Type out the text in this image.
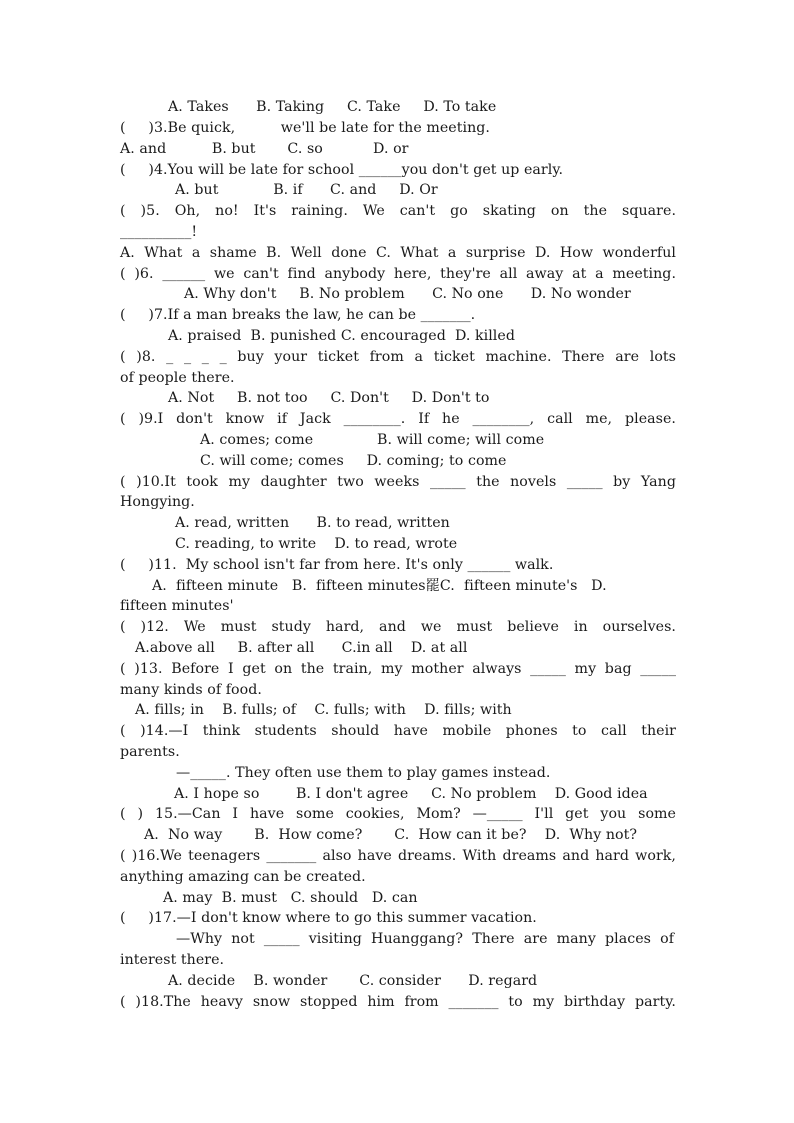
A. Takes      B. Taking     C. Take     D. To take
(     )3.Be quick,          we'll be late for the meeting.
A. and          B. but       C. so           D. or
(     )4.You will be late for school ______you don't get up early.
A. but            B. if      C. and     D. Or
( )5. Oh, no! It's raining. We can't go skating on the square.
__________!
A. What a shame B. Well done C. What a surprise D. How wonderful
( )6. ______ we can't find anybody here, they're all away at a meeting.
A. Why don't     B. No problem      C. No one      D. No wonder
(     )7.If a man breaks the law, he can be _______.
A. praised  B. punished C. encouraged  D. killed
( )8. _ _ _ _ buy your ticket from a ticket machine. There are lots
of people there.
A. Not     B. not too     C. Don't     D. Don't to
( )9.I don't know if Jack ________. If he ________, call me, please.
A. comes; come              B. will come; will come
C. will come; comes     D. coming; to come
( )10.It took my daughter two weeks _____ the novels _____ by Yang
Hongying.
A. read, written      B. to read, written
C. reading, to write    D. to read, wrote
(     )11.  My school isn't far from here. It's only ______ walk.
A.  fifteen minute   B.  fifteen minutes罷C.  fifteen minute's   D.
fifteen minutes'
( )12. We must study hard, and we must believe in ourselves.
A.above all     B. after all      C.in all    D. at all
( )13. Before I get on the train, my mother always _____ my bag _____
many kinds of food.
A. fills; in    B. fulls; of    C. fulls; with    D. fills; with
( )14.—I think students should have mobile phones to call their
parents.
—_____. They often use them to play games instead.
A. I hope so        B. I don't agree     C. No problem    D. Good idea
( ) 15.—Can I have some cookies, Mom? —_____ I'll get you some
A.  No way       B.  How come?       C.  How can it be?    D.  Why not?
( )16.We teenagers _______ also have dreams. With dreams and hard work,
anything amazing can be created.
A. may  B. must   C. should   D. can
(     )17.—I don't know where to go this summer vacation.
—Why not _____ visiting Huanggang? There are many places of
interest there.
A. decide    B. wonder       C. consider      D. regard
( )18.The heavy snow stopped him from _______ to my birthday party.
